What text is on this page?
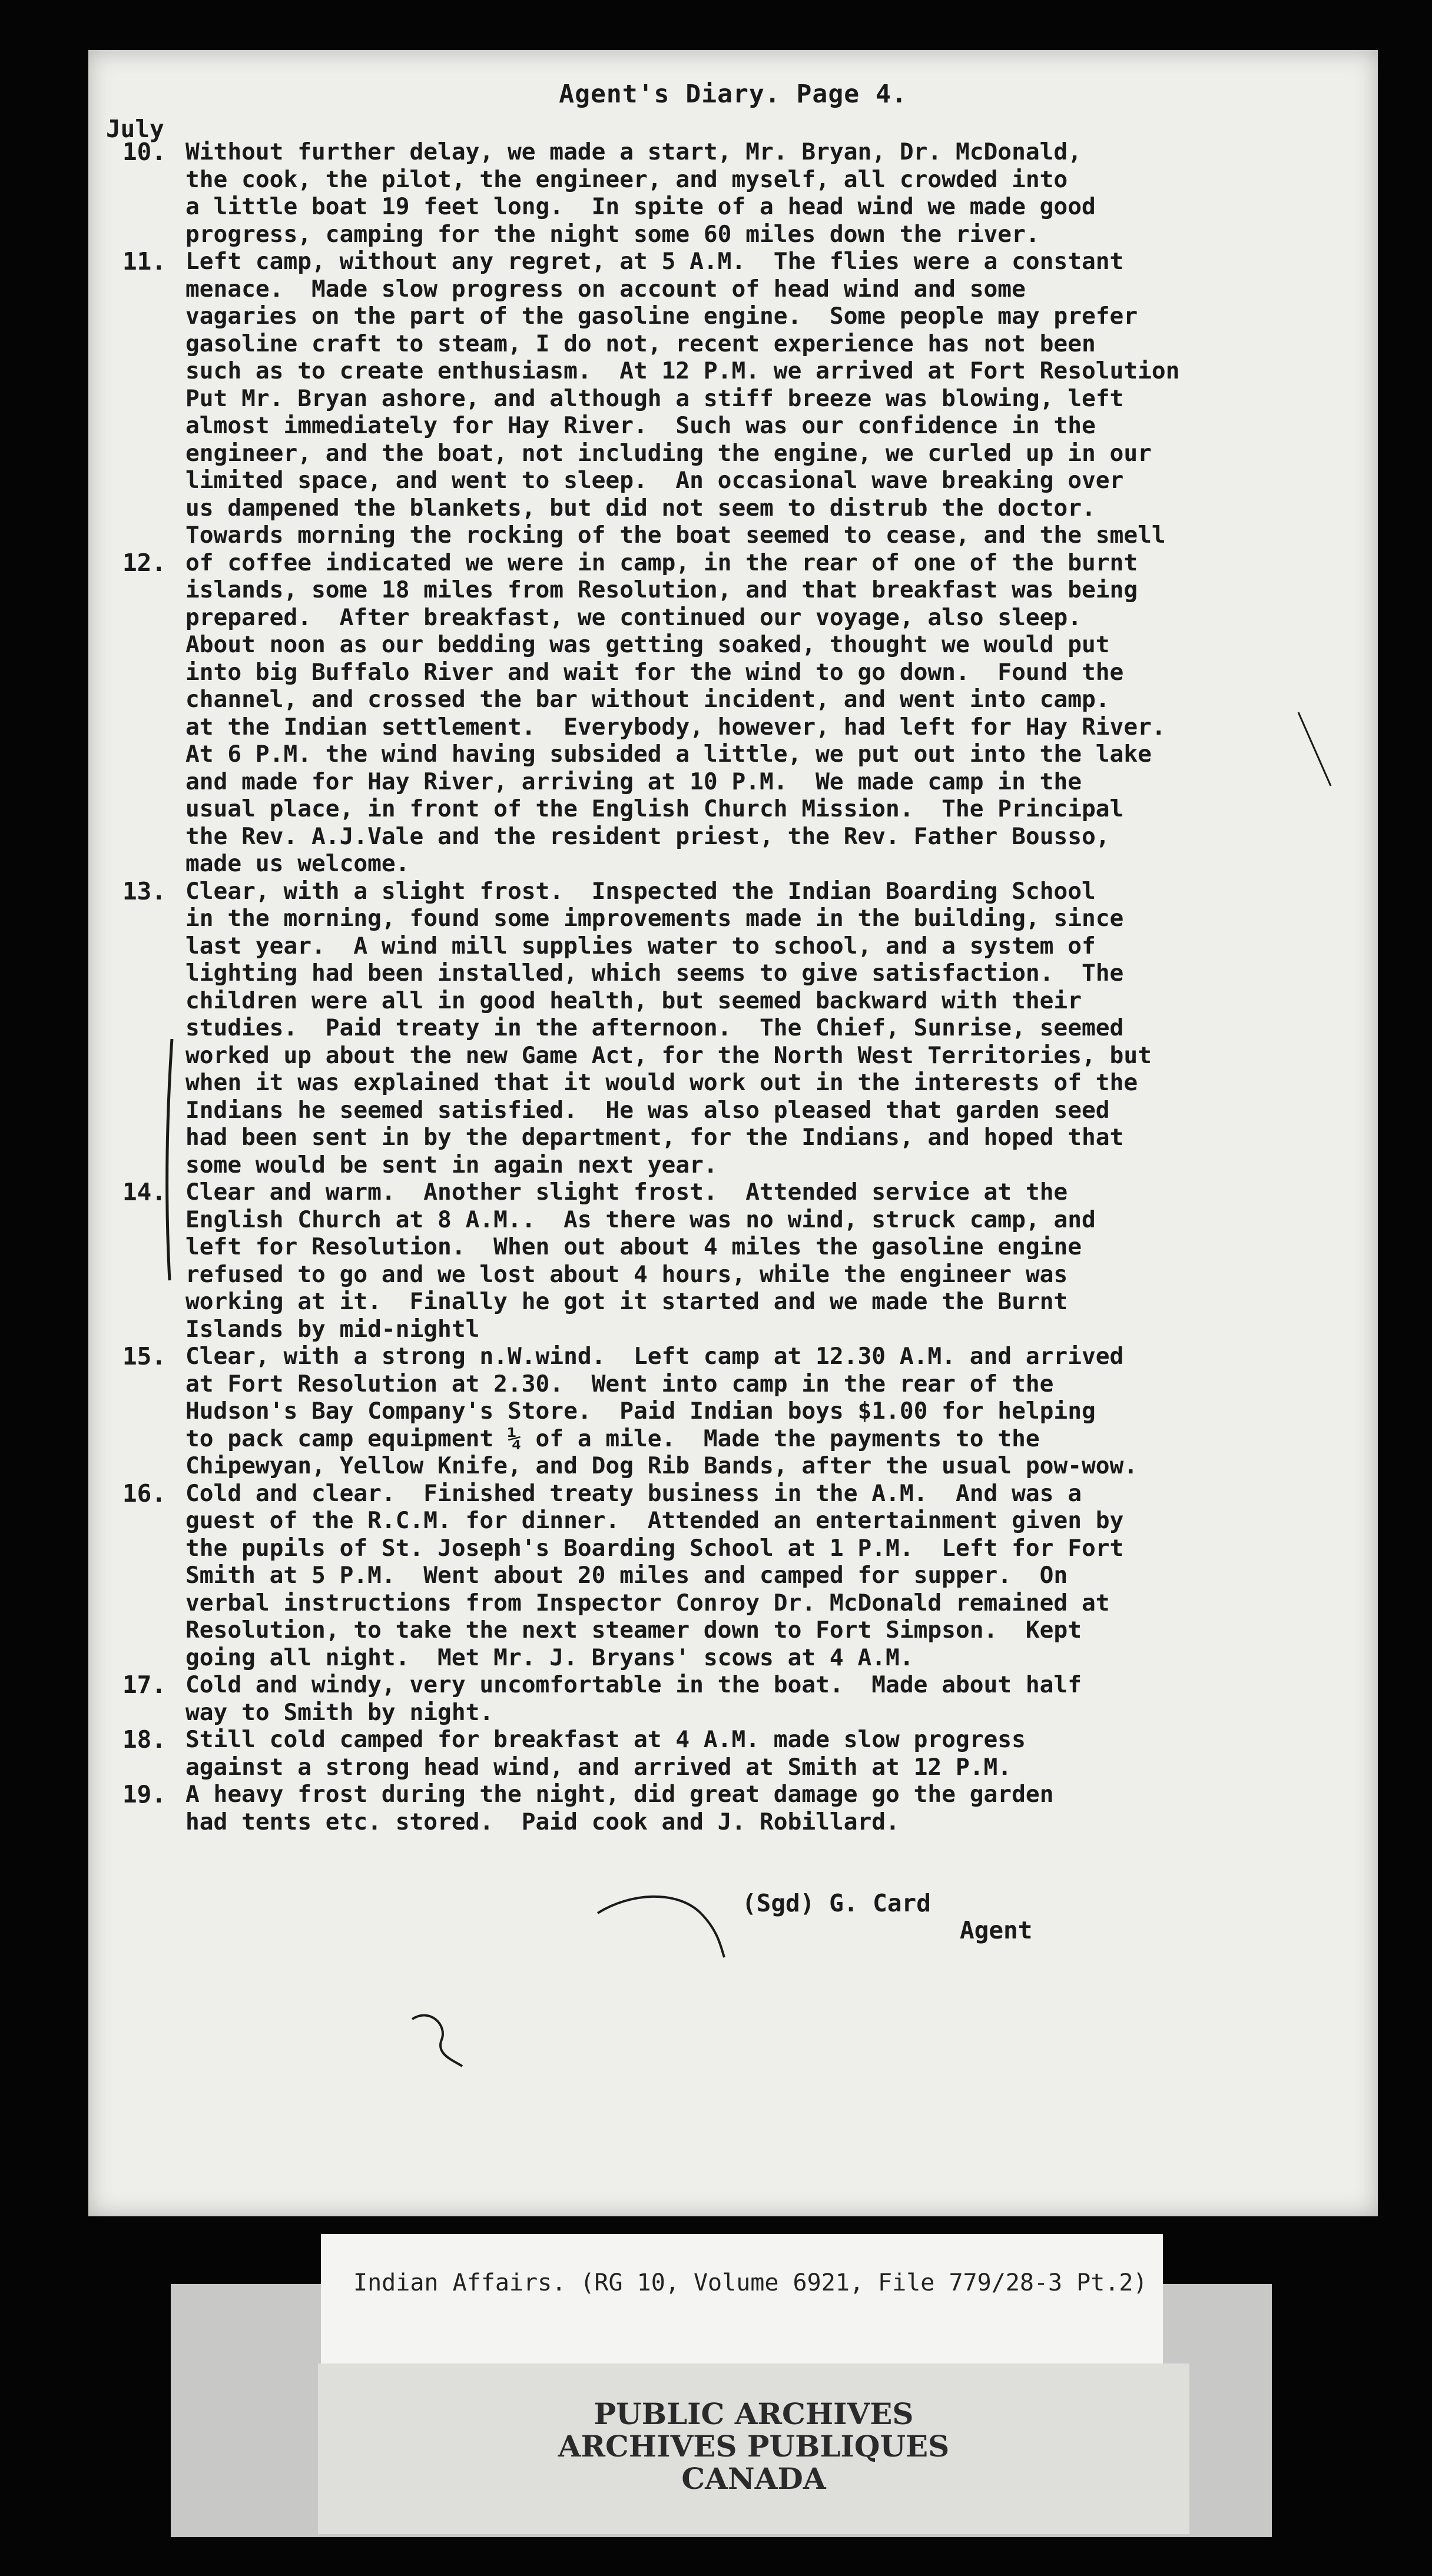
Agent's Diary. Page 4.
July
10. Without further delay, we made a start, Mr. Bryan, Dr. McDonald,
the cook, the pilot, the engineer, and myself, all crowded into
a little boat 19 feet long.  In spite of a head wind we made good
progress, camping for the night some 60 miles down the river.
11. Left camp, without any regret, at 5 A.M.  The flies were a constant
menace.  Made slow progress on account of head wind and some
vagaries on the part of the gasoline engine.  Some people may prefer
gasoline craft to steam, I do not, recent experience has not been
such as to create enthusiasm.  At 12 P.M. we arrived at Fort Resolution
Put Mr. Bryan ashore, and although a stiff breeze was blowing, left
almost immediately for Hay River.  Such was our confidence in the
engineer, and the boat, not including the engine, we curled up in our
limited space, and went to sleep.  An occasional wave breaking over
us dampened the blankets, but did not seem to distrub the doctor.
Towards morning the rocking of the boat seemed to cease, and the smell
12. of coffee indicated we were in camp, in the rear of one of the burnt
islands, some 18 miles from Resolution, and that breakfast was being
prepared.  After breakfast, we continued our voyage, also sleep.
About noon as our bedding was getting soaked, thought we would put
into big Buffalo River and wait for the wind to go down.  Found the
channel, and crossed the bar without incident, and went into camp.
at the Indian settlement.  Everybody, however, had left for Hay River.
At 6 P.M. the wind having subsided a little, we put out into the lake
and made for Hay River, arriving at 10 P.M.  We made camp in the
usual place, in front of the English Church Mission.  The Principal
the Rev. A.J.Vale and the resident priest, the Rev. Father Bousso,
made us welcome.
13. Clear, with a slight frost.  Inspected the Indian Boarding School
in the morning, found some improvements made in the building, since
last year.  A wind mill supplies water to school, and a system of
lighting had been installed, which seems to give satisfaction.  The
children were all in good health, but seemed backward with their
studies.  Paid treaty in the afternoon.  The Chief, Sunrise, seemed
worked up about the new Game Act, for the North West Territories, but
when it was explained that it would work out in the interests of the
Indians he seemed satisfied.  He was also pleased that garden seed
had been sent in by the department, for the Indians, and hoped that
some would be sent in again next year.
14. Clear and warm.  Another slight frost.  Attended service at the
English Church at 8 A.M..  As there was no wind, struck camp, and
left for Resolution.  When out about 4 miles the gasoline engine
refused to go and we lost about 4 hours, while the engineer was
working at it.  Finally he got it started and we made the Burnt
Islands by mid-nightl
15. Clear, with a strong n.W.wind.  Left camp at 12.30 A.M. and arrived
at Fort Resolution at 2.30.  Went into camp in the rear of the
Hudson's Bay Company's Store.  Paid Indian boys $1.00 for helping
to pack camp equipment ¼ of a mile.  Made the payments to the
Chipewyan, Yellow Knife, and Dog Rib Bands, after the usual pow-wow.
16. Cold and clear.  Finished treaty business in the A.M.  And was a
guest of the R.C.M. for dinner.  Attended an entertainment given by
the pupils of St. Joseph's Boarding School at 1 P.M.  Left for Fort
Smith at 5 P.M.  Went about 20 miles and camped for supper.  On
verbal instructions from Inspector Conroy Dr. McDonald remained at
Resolution, to take the next steamer down to Fort Simpson.  Kept
going all night.  Met Mr. J. Bryans' scows at 4 A.M.
17. Cold and windy, very uncomfortable in the boat.  Made about half
way to Smith by night.
18. Still cold camped for breakfast at 4 A.M. made slow progress
against a strong head wind, and arrived at Smith at 12 P.M.
19. A heavy frost during the night, did great damage go the garden
had tents etc. stored.  Paid cook and J. Robillard.
(Sgd) G. Card
Agent
PUBLIC ARCHIVES
ARCHIVES PUBLIQUES
CANADA
Indian Affairs. (RG 10, Volume 6921, File 779/28-3 Pt.2)
